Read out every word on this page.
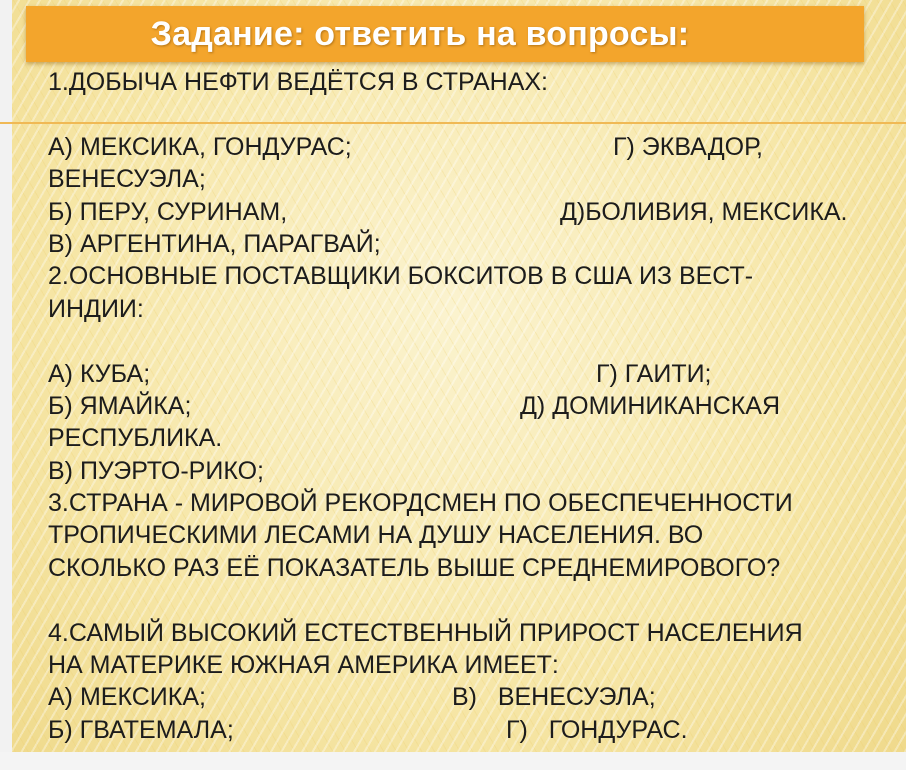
Задание: ответить на вопросы:
1.ДОБЫЧА НЕФТИ ВЕДЁТСЯ В СТРАНАХ:
А) МЕКСИКА, ГОНДУРАС;	Г) ЭКВАДОР,
ВЕНЕСУЭЛА;
Б) ПЕРУ, СУРИНАМ,	Д)БОЛИВИЯ, МЕКСИКА.
В) АРГЕНТИНА, ПАРАГВАЙ;
2.ОСНОВНЫЕ ПОСТАВЩИКИ БОКСИТОВ В США ИЗ ВЕСТ-
ИНДИИ:
А) КУБА;	Г) ГАИТИ;
Б) ЯМАЙКА;	Д) ДОМИНИКАНСКАЯ
РЕСПУБЛИКА.
В) ПУЭРТО-РИКО;
3.СТРАНА - МИРОВОЙ РЕКОРДСМЕН ПО ОБЕСПЕЧЕННОСТИ
ТРОПИЧЕСКИМИ ЛЕСАМИ НА ДУШУ НАСЕЛЕНИЯ. ВО
СКОЛЬКО РАЗ ЕЁ ПОКАЗАТЕЛЬ ВЫШЕ СРЕДНЕМИРОВОГО?
4.САМЫЙ ВЫСОКИЙ ЕСТЕСТВЕННЫЙ ПРИРОСТ НАСЕЛЕНИЯ
НА МАТЕРИКЕ ЮЖНАЯ АМЕРИКА ИМЕЕТ:
А) МЕКСИКА;	В)   ВЕНЕСУЭЛА;
Б) ГВАТЕМАЛА;	Г)   ГОНДУРАС.
